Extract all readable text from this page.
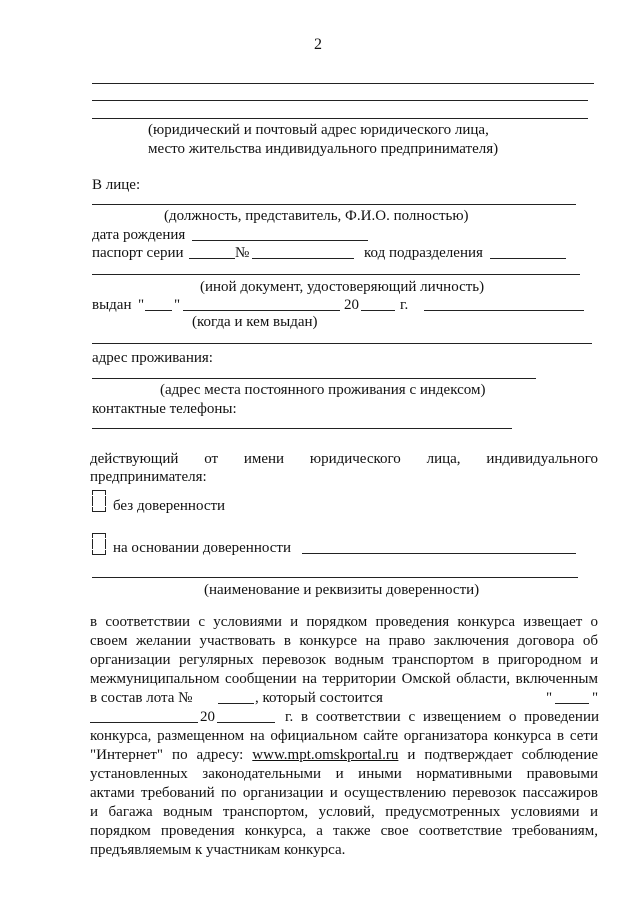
2
(юридический и почтовый адрес юридического лица,
место жительства индивидуального предпринимателя)
В лице:
(должность, представитель, Ф.И.О. полностью)
дата рождения
паспорт серии	№	код подразделения
(иной документ, удостоверяющий личность)
выдан " "	20	г.
(когда и кем выдан)
адрес проживания:
(адрес места постоянного проживания с индексом)
контактные телефоны:
действующий от имени юридического лица, индивидуального
предпринимателя:
без доверенности
на основании доверенности
(наименование и реквизиты доверенности)
в соответствии с условиями и порядком проведения конкурса извещает о
своем желании участвовать в конкурсе на право заключения договора об
организации регулярных перевозок водным транспортом в пригородном и
межмуниципальном сообщении на территории Омской области, включенным
в состав лота №	, который состоится	"	"
20	г. в соответствии с извещением о проведении
конкурса, размещенном на официальном сайте организатора конкурса в сети
"Интернет" по адресу: www.mpt.omskportal.ru и подтверждает соблюдение
установленных законодательными и иными нормативными правовыми
актами требований по организации и осуществлению перевозок пассажиров
и багажа водным транспортом, условий, предусмотренных условиями и
порядком проведения конкурса, а также свое соответствие требованиям,
предъявляемым к участникам конкурса.
